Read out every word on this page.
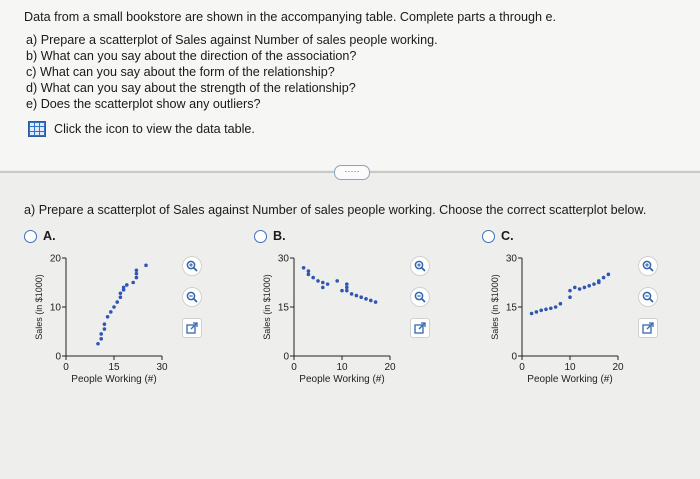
Data from a small bookstore are shown in the accompanying table. Complete parts a through e.
a) Prepare a scatterplot of Sales against Number of sales people working.
b) What can you say about the direction of the association?
c) What can you say about the form of the relationship?
d) What can you say about the strength of the relationship?
e) Does the scatterplot show any outliers?
Click the icon to view the data table.
·····
a) Prepare a scatterplot of Sales against Number of sales people working. Choose the correct scatterplot below.
A.	B.	C.
0
10
20
0	15	30
People Working (#)
Sales (in $1000)
0
15
30
0	10	20
People Working (#)
Sales (in $1000)
0
15
30
0	10	20
People Working (#)
Sales (in $1000)
